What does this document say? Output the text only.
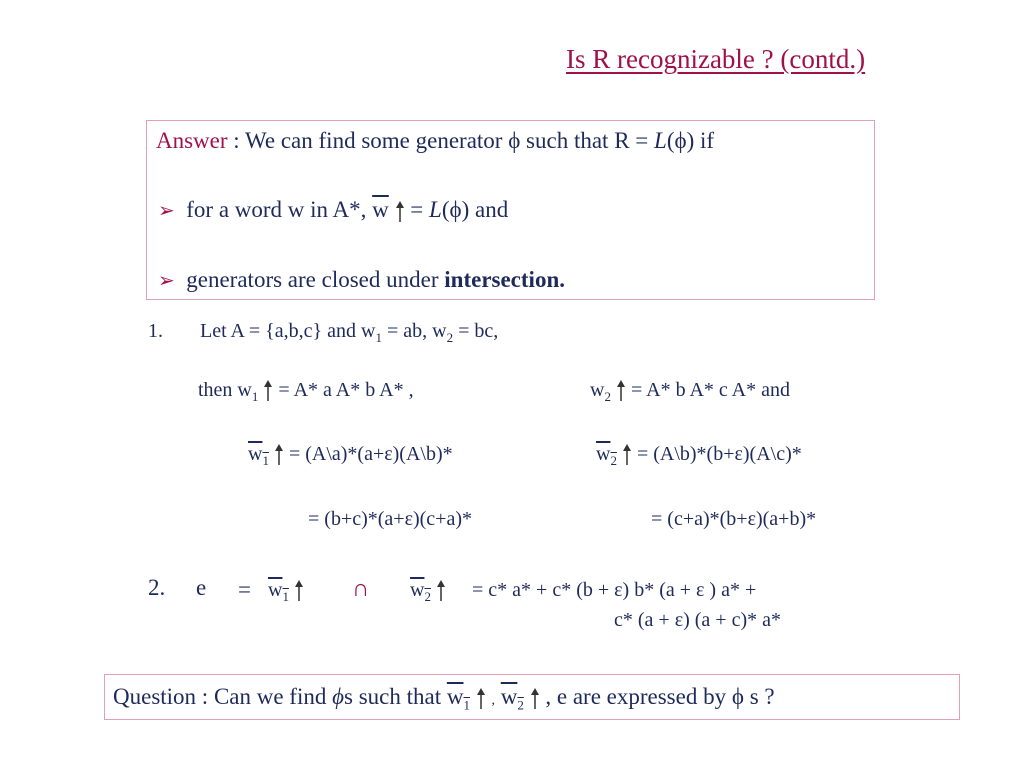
Is R recognizable ? (contd.)
Answer : We can find some generator ϕ such that R = L(ϕ) if
➢ for a word w in A*, $\overline{w} = L(\phi)$ and
➢ generators are closed under intersection.
1. Let A = {a,b,c} and $w_1$ = ab, $w_2$ = bc,
then $w_1 = A*$ a A* b A* ,	$w_2 = A*$ b A* c A* and
$\overline{w}_1$  = (A\a)*(a+ε)(A\b)*	$\overline{w}_2$  = (A\b)*(b+ε)(A\c)*
= (b+c)*(a+ε)(c+a)*	= (c+a)*(b+ε)(a+b)*
2. $e = \overline{w}_1$	∩ $\overline{w}_2$	= c* a* + c* (b + ε) b* (a + ε ) a* +
c* (a + ε) (a + c)* a*
Question : Can we find ϕs such that $\overline{w}_1$ , $\overline{w}_2$ , e are expressed by ϕ s ?
